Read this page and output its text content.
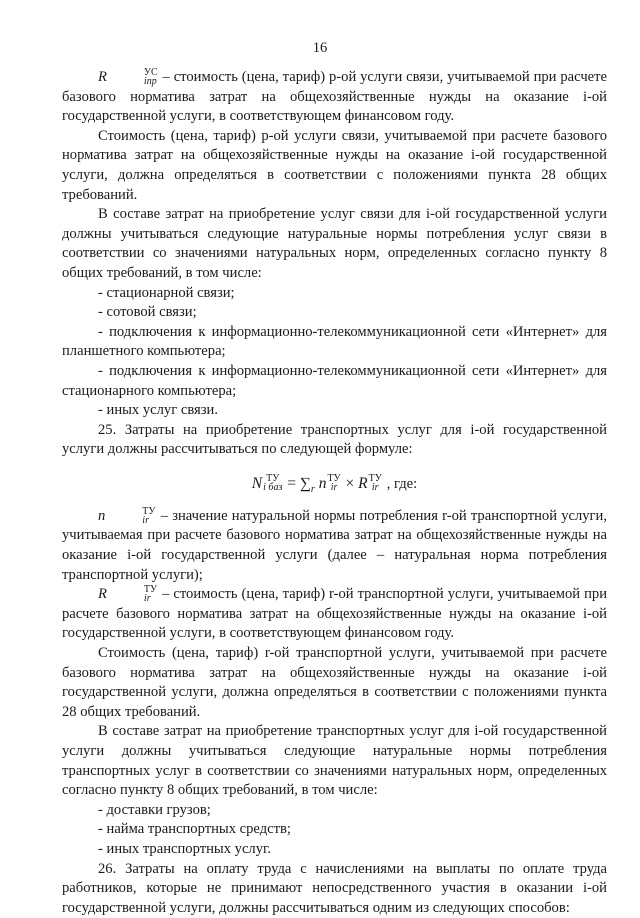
16

R	УС
inp – стоимость (цена, тариф) p-ой услуги связи, учитываемой при расчете базового норматива затрат на общехозяйственные нужды на оказание i-ой государственной услуги, в соответствующем финансовом году.

Стоимость (цена, тариф) p-ой услуги связи, учитываемой при расчете базового норматива затрат на общехозяйственные нужды на оказание i-ой государственной услуги, должна определяться в соответствии с положениями пункта 28 общих требований.

В составе затрат на приобретение услуг связи для i-ой государственной услуги должны учитываться следующие натуральные нормы потребления услуг связи в соответствии со значениями натуральных норм, определенных согласно пункту 8 общих требований, в том числе:

- стационарной связи;

- сотовой связи;

- подключения к информационно-телекоммуникационной сети «Интернет» для планшетного компьютера;

- подключения к информационно-телекоммуникационной сети «Интернет» для стационарного компьютера;

- иных услуг связи.

25. Затраты на приобретение транспортных услуг для i-ой государственной услуги должны рассчитываться по следующей формуле:

N ТУ
i баз = $\sum_r$ n ТУ
ir × R ТУ
ir , где:

n	ТУ
ir – значение натуральной нормы потребления r-ой транспортной услуги, учитываемая при расчете базового норматива затрат на общехозяйственные нужды на оказание i-ой государственной услуги (далее – натуральная норма потребления транспортной услуги);

R	ТУ
ir – стоимость (цена, тариф) r-ой транспортной услуги, учитываемой при расчете базового норматива затрат на общехозяйственные нужды на оказание i-ой государственной услуги, в соответствующем финансовом году.

Стоимость (цена, тариф) r-ой транспортной услуги, учитываемой при расчете базового норматива затрат на общехозяйственные нужды на оказание i-ой государственной услуги, должна определяться в соответствии с положениями пункта 28 общих требований.

В составе затрат на приобретение транспортных услуг для i-ой государственной услуги должны учитываться следующие натуральные нормы потребления транспортных услуг в соответствии со значениями натуральных норм, определенных согласно пункту 8 общих требований, в том числе:

- доставки грузов;

- найма транспортных средств;

- иных транспортных услуг.

26. Затраты на оплату труда с начислениями на выплаты по оплате труда работников, которые не принимают непосредственного участия в оказании i-ой государственной услуги, должны рассчитываться одним из следующих способов:
